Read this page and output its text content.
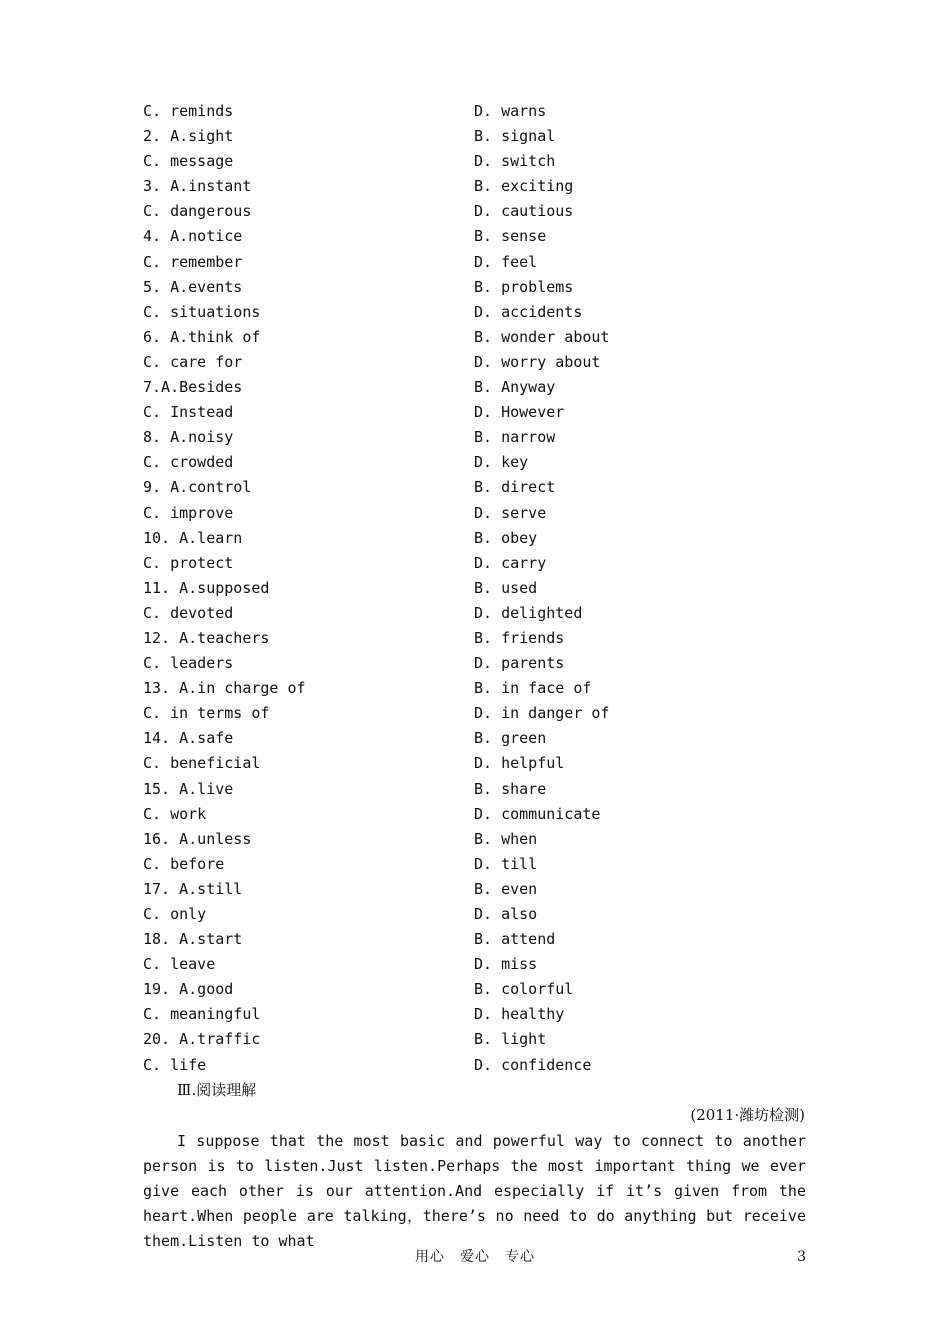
C. reminds	D. warns
2. A.sight	B. signal
C. message	D. switch
3. A.instant	B. exciting
C. dangerous	D. cautious
4. A.notice	B. sense
C. remember	D. feel
5. A.events	B. problems
C. situations	D. accidents
6. A.think of	B. wonder about
C. care for	D. worry about
7.A.Besides	B. Anyway
C. Instead	D. However
8. A.noisy	B. narrow
C. crowded	D. key
9. A.control	B. direct
C. improve	D. serve
10. A.learn	B. obey
C. protect	D. carry
11. A.supposed	B. used
C. devoted	D. delighted
12. A.teachers	B. friends
C. leaders	D. parents
13. A.in charge of	B. in face of
C. in terms of	D. in danger of
14. A.safe	B. green
C. beneficial	D. helpful
15. A.live	B. share
C. work	D. communicate
16. A.unless	B. when
C. before	D. till
17. A.still	B. even
C. only	D. also
18. A.start	B. attend
C. leave	D. miss
19. A.good	B. colorful
C. meaningful	D. healthy
20. A.traffic	B. light
C. life	D. confidence
Ⅲ.阅读理解
(2011·潍坊检测)
I suppose that the most basic and powerful way to connect to another person is to listen.Just listen.Perhaps the most important thing we ever give each other is our attention.And especially if it’s given from the heart.When people are talking，there’s no need to do anything but receive them.Listen to what
用心　爱心　专心	3
